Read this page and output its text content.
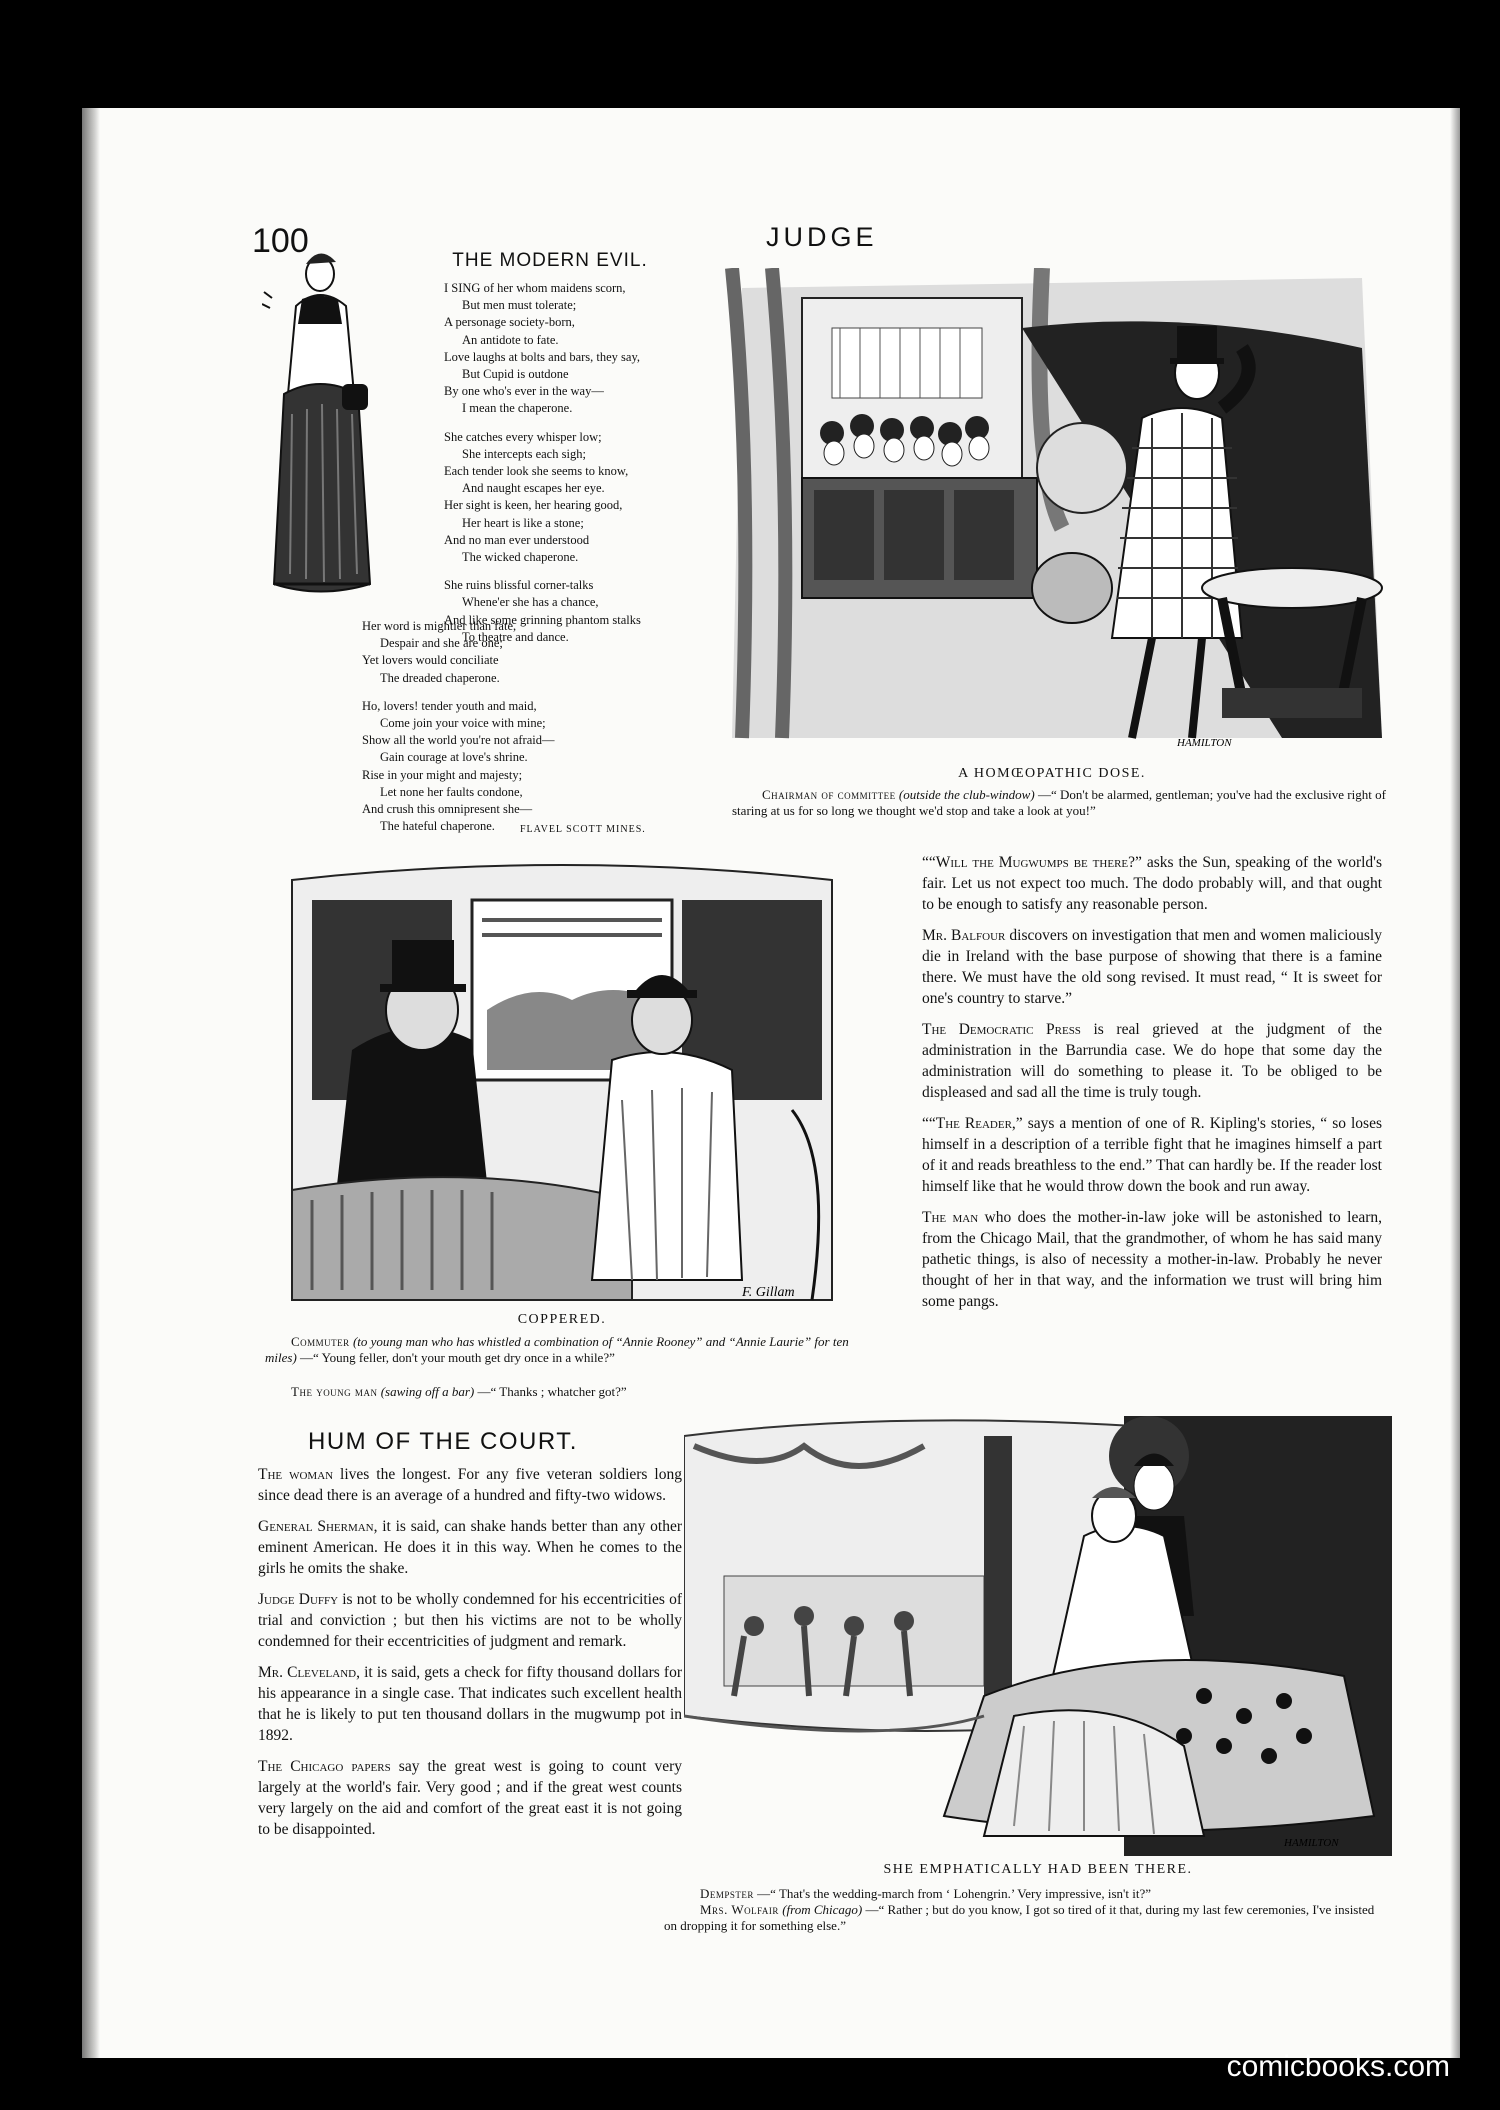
100	JUDGE
THE MODERN EVIL.
I SING of her whom maidens scorn,
But men must tolerate;
A personage society-born,
An antidote to fate.
Love laughs at bolts and bars, they say,
But Cupid is outdone
By one who's ever in the way—
I mean the chaperone.
She catches every whisper low;
She intercepts each sigh;
Each tender look she seems to know,
And naught escapes her eye.
Her sight is keen, her hearing good,
Her heart is like a stone;
And no man ever understood
The wicked chaperone.
She ruins blissful corner-talks
Whene'er she has a chance,
And like some grinning phantom stalks
To theatre and dance.
Her word is mightier than fate,
Despair and she are one;
Yet lovers would conciliate
The dreaded chaperone.
Ho, lovers! tender youth and maid,
Come join your voice with mine;
Show all the world you're not afraid—
Gain courage at love's shrine.
Rise in your might and majesty;
Let none her faults condone,
And crush this omnipresent she—
The hateful chaperone.	FLAVEL SCOTT MINES.
HAMILTON
A HOMŒOPATHIC DOSE.
Chairman of committee (outside the club-window) —“ Don't be alarmed, gentleman; you've had the exclusive right of staring at us for so long we thought we'd stop and take a look at you!”
F. Gillam
COPPERED.
Commuter (to young man who has whistled a combination of “Annie Rooney” and “Annie Laurie” for ten miles) —“ Young feller, don't your mouth get dry once in a while?”
The young man (sawing off a bar) —“ Thanks ; whatcher got?”

““Will the Mugwumps be there?” asks the Sun, speaking of the world's fair. Let us not expect too much. The dodo probably will, and that ought to be enough to satisfy any reasonable person.

Mr. Balfour discovers on investigation that men and women maliciously die in Ireland with the base purpose of showing that there is a famine there. We must have the old song revised. It must read, “ It is sweet for one's country to starve.”

The Democratic Press is real grieved at the judgment of the administration in the Barrundia case. We do hope that some day the administration will do something to please it. To be obliged to be displeased and sad all the time is truly tough.

““The Reader,” says a mention of one of R. Kipling's stories, “ so loses himself in a description of a terrible fight that he imagines himself a part of it and reads breathless to the end.” That can hardly be. If the reader lost himself like that he would throw down the book and run away.

The man who does the mother-in-law joke will be astonished to learn, from the Chicago Mail, that the grandmother, of whom he has said many pathetic things, is also of necessity a mother-in-law. Probably he never thought of her in that way, and the information we trust will bring him some pangs.

HUM OF THE COURT.

The woman lives the longest. For any five veteran soldiers long since dead there is an average of a hundred and fifty-two widows.

General Sherman, it is said, can shake hands better than any other eminent American. He does it in this way. When he comes to the girls he omits the shake.

Judge Duffy is not to be wholly condemned for his eccentricities of trial and conviction ; but then his victims are not to be wholly condemned for their eccentricities of judgment and remark.

Mr. Cleveland, it is said, gets a check for fifty thousand dollars for his appearance in a single case. That indicates such excellent health that he is likely to put ten thousand dollars in the mugwump pot in 1892.

The Chicago papers say the great west is going to count very largely at the world's fair. Very good ; and if the great west counts very largely on the aid and comfort of the great east it is not going to be disappointed.

HAMILTON
SHE EMPHATICALLY HAD BEEN THERE.
Dempster —“ That's the wedding-march from ‘ Lohengrin.’ Very impressive, isn't it?”
Mrs. Wolfair (from Chicago) —“ Rather ; but do you know, I got so tired of it that, during my last few ceremonies, I've insisted on dropping it for something else.”
comicbooks.com
